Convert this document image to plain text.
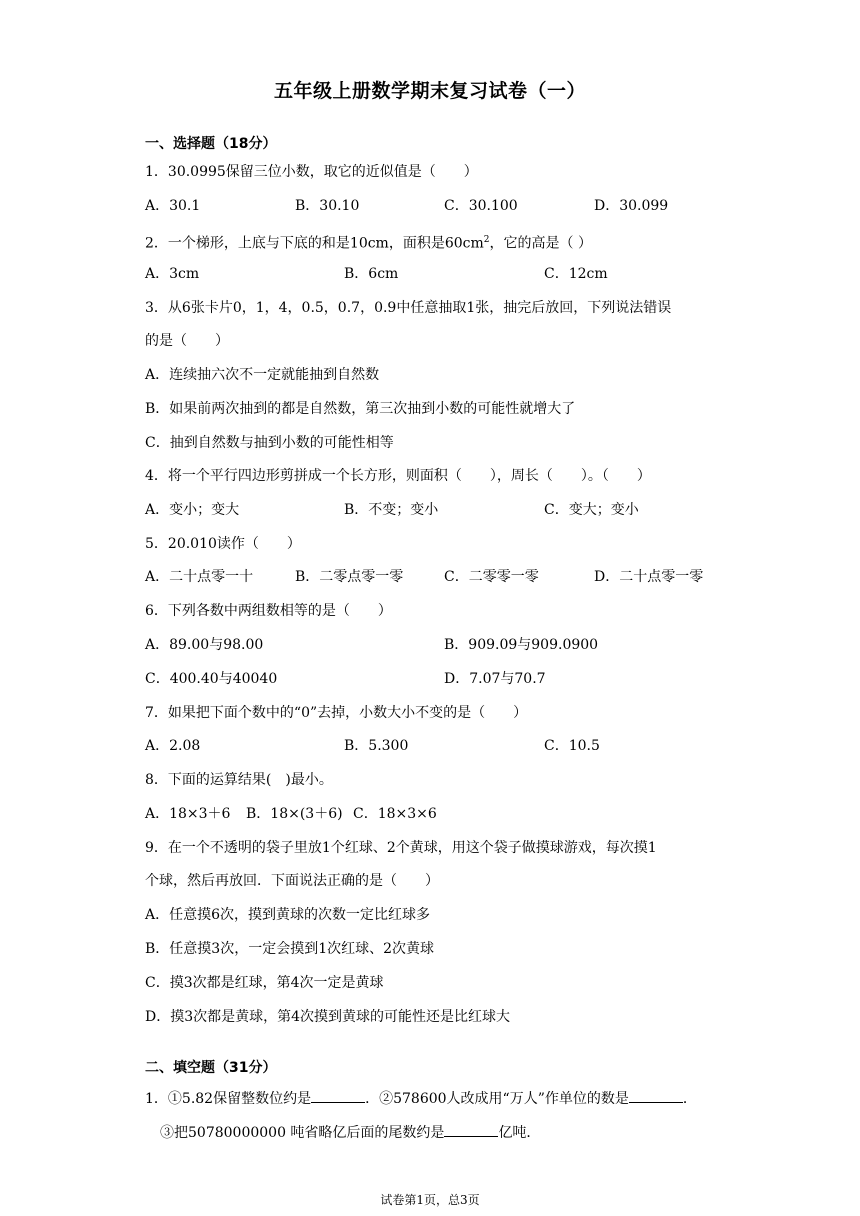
五年级上册数学期末复习试卷（一）
一、选择题（18分）
1．30.0995保留三位小数，取它的近似值是（　　）
A．30.1	B．30.10	C．30.100	D．30.099
2．一个梯形，上底与下底的和是10cm，面积是$60cm^2$，它的高是（ ）
A．3cm	B．6cm	C．12cm
3．从6张卡片0，1，4，0.5，0.7，0.9中任意抽取1张，抽完后放回，下列说法错误
的是（　　）
A．连续抽六次不一定就能抽到自然数
B．如果前两次抽到的都是自然数，第三次抽到小数的可能性就增大了
C．抽到自然数与抽到小数的可能性相等
4．将一个平行四边形剪拼成一个长方形，则面积（　　），周长（　　）。（　　）
A．变小；变大	B．不变；变小	C．变大；变小
5．20.010读作（　　）
A．二十点零一十	B．二零点零一零	C．二零零一零	D．二十点零一零
6．下列各数中两组数相等的是（　　）
A．89.00与98.00	B．909.09与909.0900
C．400.40与40040	D．7.07与70.7
7．如果把下面个数中的“0”去掉，小数大小不变的是（　　）
A．2.08	B．5.300	C．10.5
8．下面的运算结果(　)最小。
A．18×3＋6 B．18×(3＋6) C．18×3×6
9．在一个不透明的袋子里放1个红球、2个黄球，用这个袋子做摸球游戏，每次摸1
个球，然后再放回．下面说法正确的是（　　）
A．任意摸6次，摸到黄球的次数一定比红球多
B．任意摸3次，一定会摸到1次红球、2次黄球
C．摸3次都是红球，第4次一定是黄球
D．摸3次都是黄球，第4次摸到黄球的可能性还是比红球大
二、填空题（31分）
1．①5.82保留整数位约是	．②578600人改成用“万人”作单位的数是	．
③把50780000000 吨省略亿后面的尾数约是	亿吨．
试卷第1页，总3页
